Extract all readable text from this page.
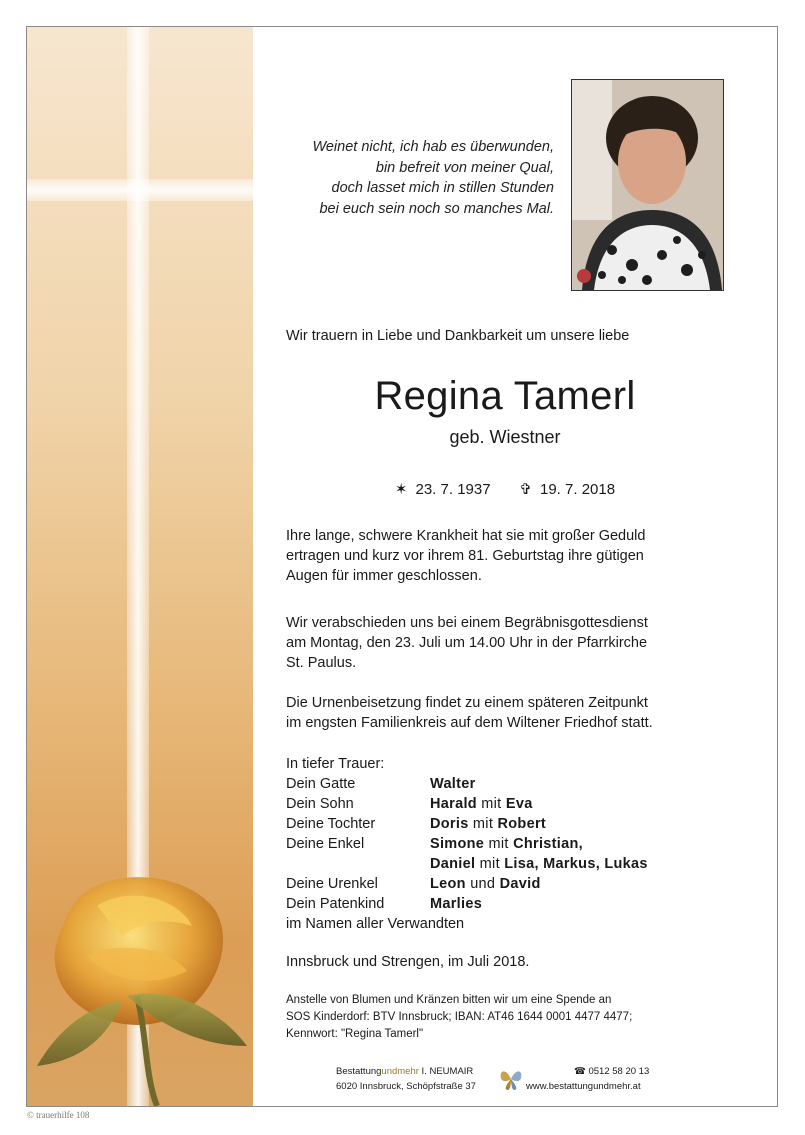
Weinet nicht, ich hab es überwunden,
bin befreit von meiner Qual,
doch lasset mich in stillen Stunden
bei euch sein noch so manches Mal.
Wir trauern in Liebe und Dankbarkeit um unsere liebe
Regina Tamerl
geb. Wiestner
✶ 23. 7. 1937 ✞ 19. 7. 2018
Ihre lange, schwere Krankheit hat sie mit großer Geduld
ertragen und kurz vor ihrem 81. Geburtstag ihre gütigen
Augen für immer geschlossen.
Wir verabschieden uns bei einem Begräbnisgottesdienst
am Montag, den 23. Juli um 14.00 Uhr in der Pfarrkirche
St. Paulus.
Die Urnenbeisetzung findet zu einem späteren Zeitpunkt
im engsten Familienkreis auf dem Wiltener Friedhof statt.
In tiefer Trauer:
Dein Gatte	Walter
Dein Sohn	Harald mit Eva
Deine Tochter	Doris mit Robert
Deine Enkel	Simone mit Christian,
Daniel mit Lisa, Markus, Lukas
Deine Urenkel	Leon und David
Dein Patenkind	Marlies
im Namen aller Verwandten
Innsbruck und Strengen, im Juli 2018.
Anstelle von Blumen und Kränzen bitten wir um eine Spende an
SOS Kinderdorf: BTV Innsbruck; IBAN: AT46 1644 0001 4477 4477;
Kennwort: "Regina Tamerl"
Bestattungundmehr I. NEUMAIR
6020 Innsbruck, Schöpfstraße 37
☎ 0512 58 20 13
www.bestattungundmehr.at
© trauerhilfe 108
